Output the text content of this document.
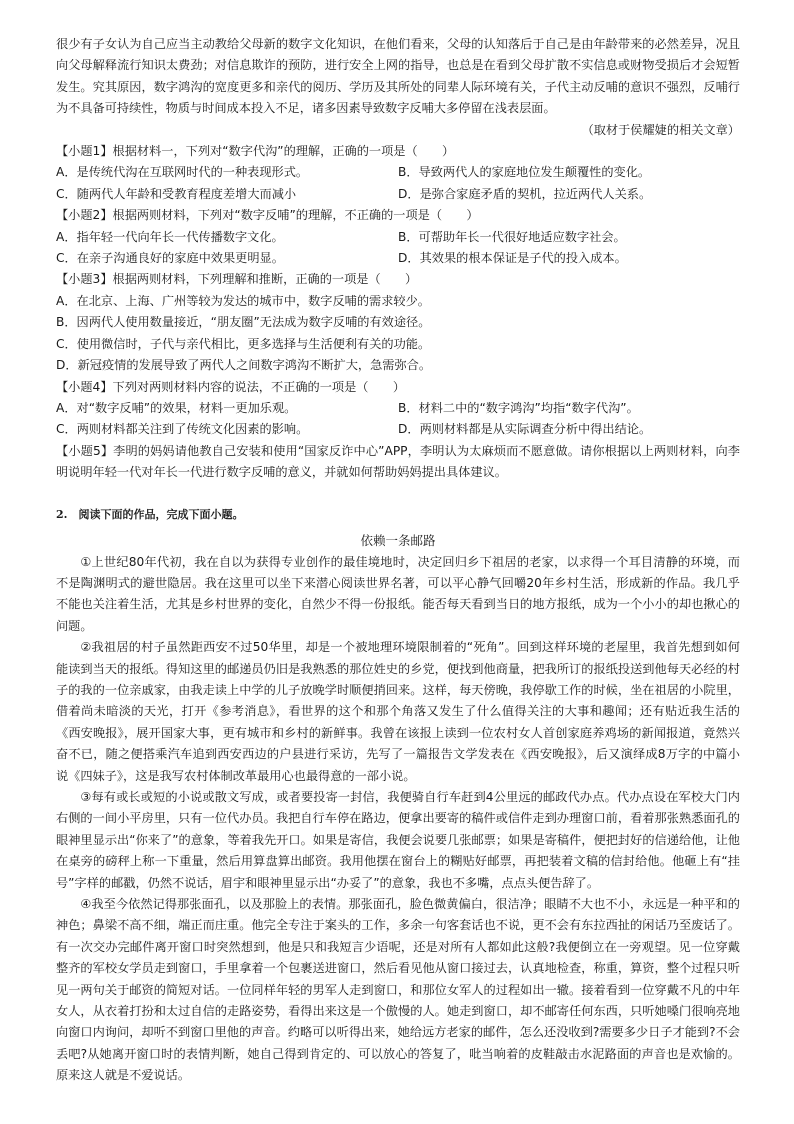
很少有子女认为自己应当主动教给父母新的数字文化知识，在他们看来，父母的认知落后于自己是由年龄带来的必然差异，况且向父母解释流行知识太费劲；对信息欺诈的预防，进行安全上网的指导，也总是在看到父母扩散不实信息或财物受损后才会短暂发生。究其原因，数字鸿沟的宽度更多和亲代的阅历、学历及其所处的同辈人际环境有关，子代主动反哺的意识不强烈，反哺行为不具备可持续性，物质与时间成本投入不足，诸多因素导致数字反哺大多停留在浅表层面。

（取材于侯耀婕的相关文章）

【小题1】根据材料一，下列对“数字代沟”的理解，正确的一项是（　　）

A．是传统代沟在互联网时代的一种表现形式。	B．导致两代人的家庭地位发生颠覆性的变化。
C．随两代人年龄和受教育程度差增大而减小	D．是弥合家庭矛盾的契机，拉近两代人关系。

【小题2】根据两则材料，下列对“数字反哺”的理解，不正确的一项是（　　）

A．指年轻一代向年长一代传播数字文化。	B．可帮助年长一代很好地适应数字社会。
C．在亲子沟通良好的家庭中效果更明显。	D．其效果的根本保证是子代的投入成本。

【小题3】根据两则材料，下列理解和推断，正确的一项是（　　）

A．在北京、上海、广州等较为发达的城市中，数字反哺的需求较少。

B．因两代人使用数量接近，“朋友圈”无法成为数字反哺的有效途径。

C．使用微信时，子代与亲代相比，更多选择与生活便利有关的功能。

D．新冠疫情的发展导致了两代人之间数字鸿沟不断扩大，急需弥合。

【小题4】下列对两则材料内容的说法，不正确的一项是（　　）

A．对“数字反哺”的效果，材料一更加乐观。	B．材料二中的“数字鸿沟”均指“数字代沟”。
C．两则材料都关注到了传统文化因素的影响。	D．两则材料都是从实际调查分析中得出结论。

【小题5】李明的妈妈请他教自己安装和使用“国家反诈中心”APP，李明认为太麻烦而不愿意做。请你根据以上两则材料，向李明说明年轻一代对年长一代进行数字反哺的意义，并就如何帮助妈妈提出具体建议。

2.　阅读下面的作品，完成下面小题。

依赖一条邮路

①上世纪80年代初，我在自以为获得专业创作的最佳境地时，决定回归乡下祖居的老家，以求得一个耳目清静的环境，而不是陶渊明式的避世隐居。我在这里可以坐下来潜心阅读世界名著，可以平心静气回嚼20年乡村生活，形成新的作品。我几乎不能也关注着生活，尤其是乡村世界的变化，自然少不得一份报纸。能否每天看到当日的地方报纸，成为一个小小的却也揪心的问题。

②我祖居的村子虽然距西安不过50华里，却是一个被地理环境限制着的“死角”。回到这样环境的老屋里，我首先想到如何能读到当天的报纸。得知这里的邮递员仍旧是我熟悉的那位姓史的乡党，便找到他商量，把我所订的报纸投送到他每天必经的村子的我的一位亲戚家，由我走读上中学的儿子放晚学时顺便捎回来。这样，每天傍晚，我停歇工作的时候，坐在祖居的小院里，借着尚未暗淡的天光，打开《参考消息》，看世界的这个和那个角落又发生了什么值得关注的大事和趣闻；还有贴近我生活的《西安晚报》，展开国家大事，更有城市和乡村的新鲜事。我曾在该报上读到一位农村女人首创家庭养鸡场的新闻报道，竟然兴奋不已，随之便搭乘汽车追到西安西边的户县进行采访，先写了一篇报告文学发表在《西安晚报》，后又演绎成8万字的中篇小说《四妹子》，这是我写农村体制改革最用心也最得意的一部小说。

③每有或长或短的小说或散文写成，或者要投寄一封信，我便骑自行车赶到4公里远的邮政代办点。代办点设在军校大门内右侧的一间小平房里，只有一位代办员。我把自行车停在路边，便拿出要寄的稿件或信件走到办理窗口前，看着那张熟悉面孔的眼神里显示出“你来了”的意象，等着我先开口。如果是寄信，我便会说要几张邮票；如果是寄稿件，便把封好的信递给他，让他在桌旁的磅秤上称一下重量，然后用算盘算出邮资。我用他摆在窗台上的糊贴好邮票，再把装着文稿的信封给他。他砸上有“挂号”字样的邮戳，仍然不说话，眉宇和眼神里显示出“办妥了”的意象，我也不多嘴，点点头便告辞了。

④我至今依然记得那张面孔，以及那脸上的表情。那张面孔，脸色微黄偏白，很洁净；眼睛不大也不小，永远是一种平和的神色；鼻梁不高不细，端正而庄重。他完全专注于案头的工作，多余一句客套话也不说，更不会有东拉西扯的闲话乃至废话了。有一次交办完邮件离开窗口时突然想到，他是只和我短言少语呢，还是对所有人都如此这般?我便倒立在一旁观望。见一位穿戴整齐的军校女学员走到窗口，手里拿着一个包裹送进窗口，然后看见他从窗口接过去，认真地检查，称重，算资，整个过程只听见一两句关于邮资的简短对话。一位同样年轻的男军人走到窗口，和那位女军人的过程如出一辙。接着看到一位穿戴不凡的中年女人，从衣着打扮和太过自信的走路姿势，看得出来这是一个傲慢的人。她走到窗口，却不邮寄任何东西，只听她嗓门很响亮地向窗口内询问，却听不到窗口里他的声音。约略可以听得出来，她给远方老家的邮件，怎么还没收到?需要多少日子才能到?不会丢吧?从她离开窗口时的表情判断，她自己得到肯定的、可以放心的答复了，吡当响着的皮鞋敲击水泥路面的声音也是欢愉的。原来这人就是不爱说话。
